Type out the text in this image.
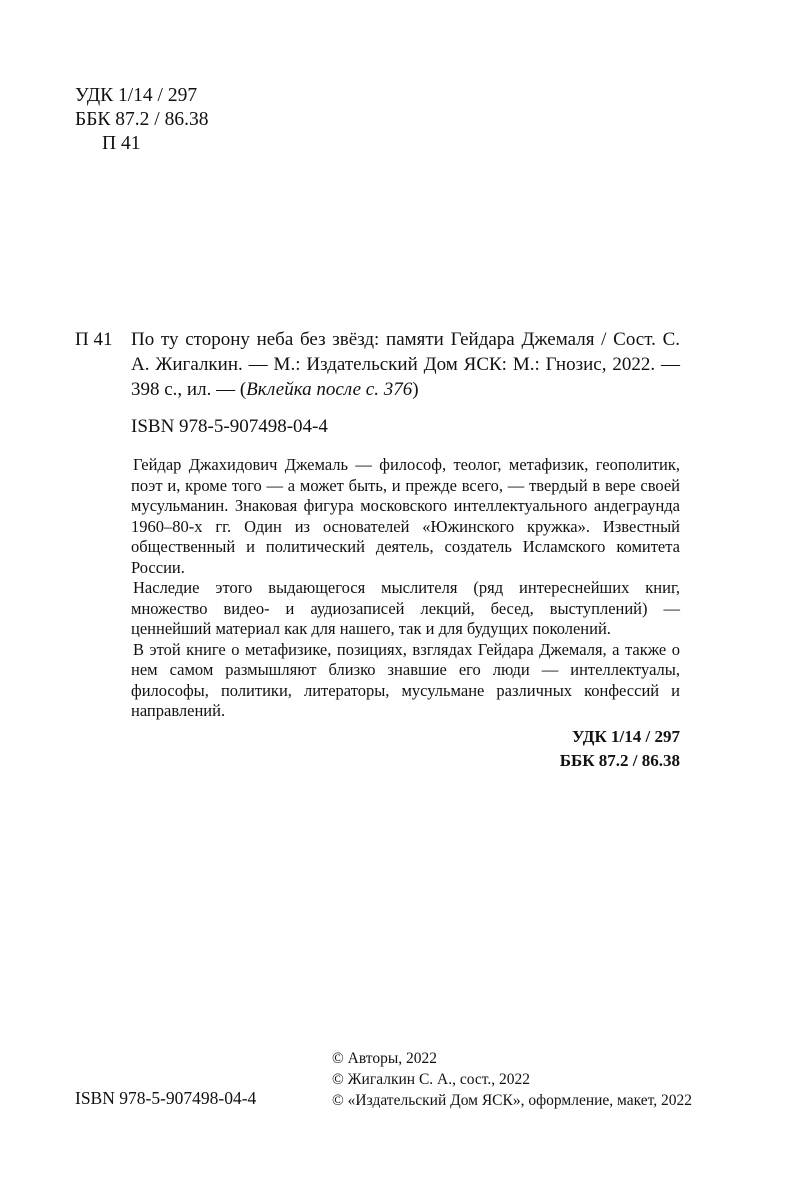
УДК 1/14 / 297
ББК 87.2 / 86.38
П 41
П 41 По ту сторону неба без звёзд: памяти Гейдара Джемаля / Сост. С. А. Жигалкин. — М.: Издательский Дом ЯСК: М.: Гнозис, 2022. — 398 с., ил. — (Вклейка после с. 376)
ISBN 978-5-907498-04-4

Гейдар Джахидович Джемаль — философ, теолог, метафизик, геополитик, поэт и, кроме того — а может быть, и прежде всего, — твердый в вере своей мусульманин. Знаковая фигура московского интеллектуального андеграунда 1960–80-х гг. Один из основателей «Южинского кружка». Известный общественный и политический деятель, создатель Исламского комитета России.

Наследие этого выдающегося мыслителя (ряд интереснейших книг, множество видео- и аудиозаписей лекций, бесед, выступлений) — ценнейший материал как для нашего, так и для будущих поколений.

В этой книге о метафизике, позициях, взглядах Гейдара Джемаля, а также о нем самом размышляют близко знавшие его люди — интеллектуалы, философы, политики, литераторы, мусульмане различных конфессий и направлений.

УДК 1/14 / 297
ББК 87.2 / 86.38
ISBN 978-5-907498-04-4
© Авторы, 2022
© Жигалкин С. А., сост., 2022
© «Издательский Дом ЯСК», оформление, макет, 2022
